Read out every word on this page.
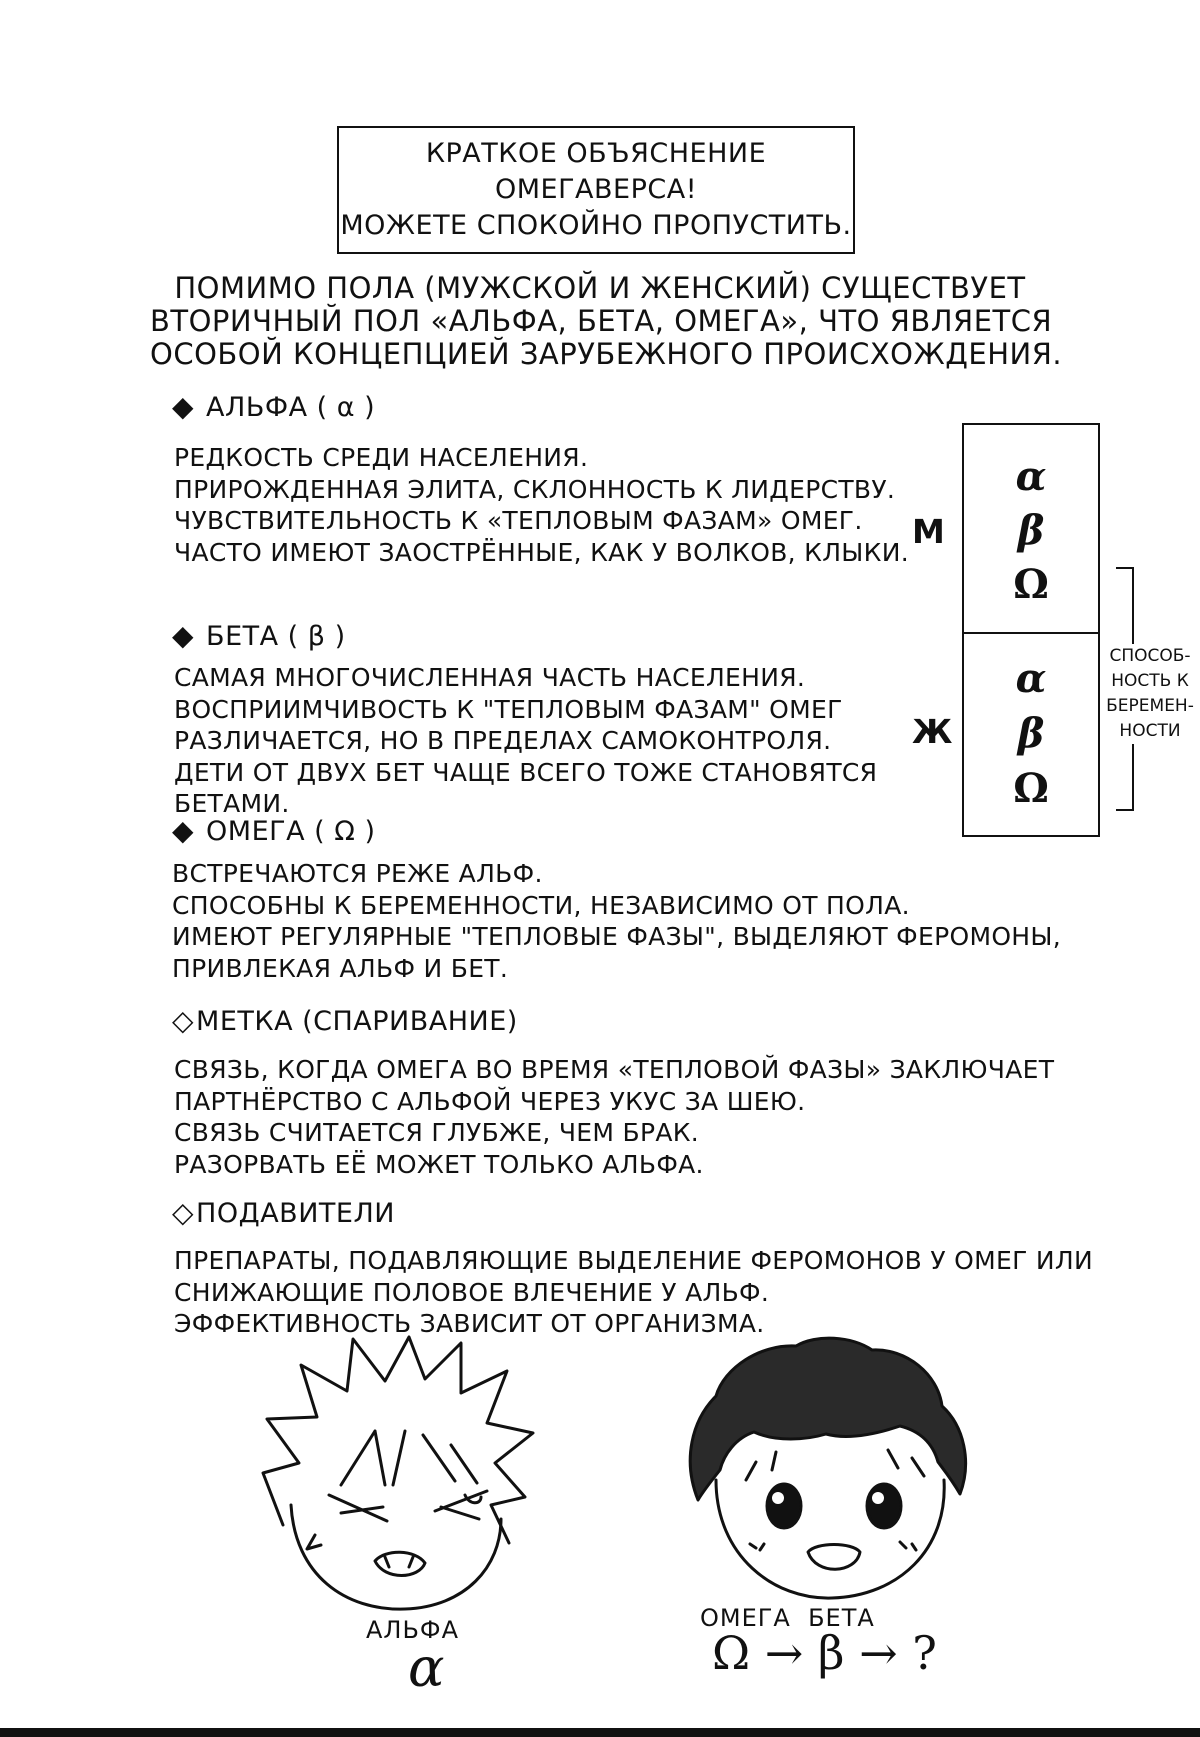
КРАТКОЕ ОБЪЯСНЕНИЕ ОМЕГАВЕРСА!
МОЖЕТЕ СПОКОЙНО ПРОПУСТИТЬ.
ПОМИМО ПОЛА (МУЖСКОЙ И ЖЕНСКИЙ) СУЩЕСТВУЕТ
ВТОРИЧНЫЙ ПОЛ «АЛЬФА, БЕТА, ОМЕГА», ЧТО ЯВЛЯЕТСЯ
ОСОБОЙ КОНЦЕПЦИЕЙ ЗАРУБЕЖНОГО ПРОИСХОЖДЕНИЯ.
◆ АЛЬФА ( α )
РЕДКОСТЬ СРЕДИ НАСЕЛЕНИЯ.
ПРИРОЖДЕННАЯ ЭЛИТА, СКЛОННОСТЬ К ЛИДЕРСТВУ.
ЧУВСТВИТЕЛЬНОСТЬ К «ТЕПЛОВЫМ ФАЗАМ» ОМЕГ.
ЧАСТО ИМЕЮТ ЗАОСТРЁННЫЕ, КАК У ВОЛКОВ, КЛЫКИ.
◆ БЕТА ( β )
САМАЯ МНОГОЧИСЛЕННАЯ ЧАСТЬ НАСЕЛЕНИЯ.
ВОСПРИИМЧИВОСТЬ К "ТЕПЛОВЫМ ФАЗАМ" ОМЕГ
РАЗЛИЧАЕТСЯ, НО В ПРЕДЕЛАХ САМОКОНТРОЛЯ.
ДЕТИ ОТ ДВУХ БЕТ ЧАЩЕ ВСЕГО ТОЖЕ СТАНОВЯТСЯ
БЕТАМИ.
◆ ОМЕГА ( Ω )
ВСТРЕЧАЮТСЯ РЕЖЕ АЛЬФ.
СПОСОБНЫ К БЕРЕМЕННОСТИ, НЕЗАВИСИМО ОТ ПОЛА.
ИМЕЮТ РЕГУЛЯРНЫЕ "ТЕПЛОВЫЕ ФАЗЫ", ВЫДЕЛЯЮТ ФЕРОМОНЫ,
ПРИВЛЕКАЯ АЛЬФ И БЕТ.
◇МЕТКА (СПАРИВАНИЕ)
СВЯЗЬ, КОГДА ОМЕГА ВО ВРЕМЯ «ТЕПЛОВОЙ ФАЗЫ» ЗАКЛЮЧАЕТ
ПАРТНЁРСТВО С АЛЬФОЙ ЧЕРЕЗ УКУС ЗА ШЕЮ.
СВЯЗЬ СЧИТАЕТСЯ ГЛУБЖЕ, ЧЕМ БРАК.
РАЗОРВАТЬ ЕЁ МОЖЕТ ТОЛЬКО АЛЬФА.
◇ПОДАВИТЕЛИ
ПРЕПАРАТЫ, ПОДАВЛЯЮЩИЕ ВЫДЕЛЕНИЕ ФЕРОМОНОВ У ОМЕГ ИЛИ
СНИЖАЮЩИЕ ПОЛОВОЕ ВЛЕЧЕНИЕ У АЛЬФ.
ЭФФЕКТИВНОСТЬ ЗАВИСИТ ОТ ОРГАНИЗМА.
М
Ж
α
β
Ω
α
β
Ω
СПОСОБ-
НОСТЬ К
БЕРЕМЕН-
НОСТИ
АЛЬФА
α
ОМЕГА  БЕТА
Ω → β → ?
